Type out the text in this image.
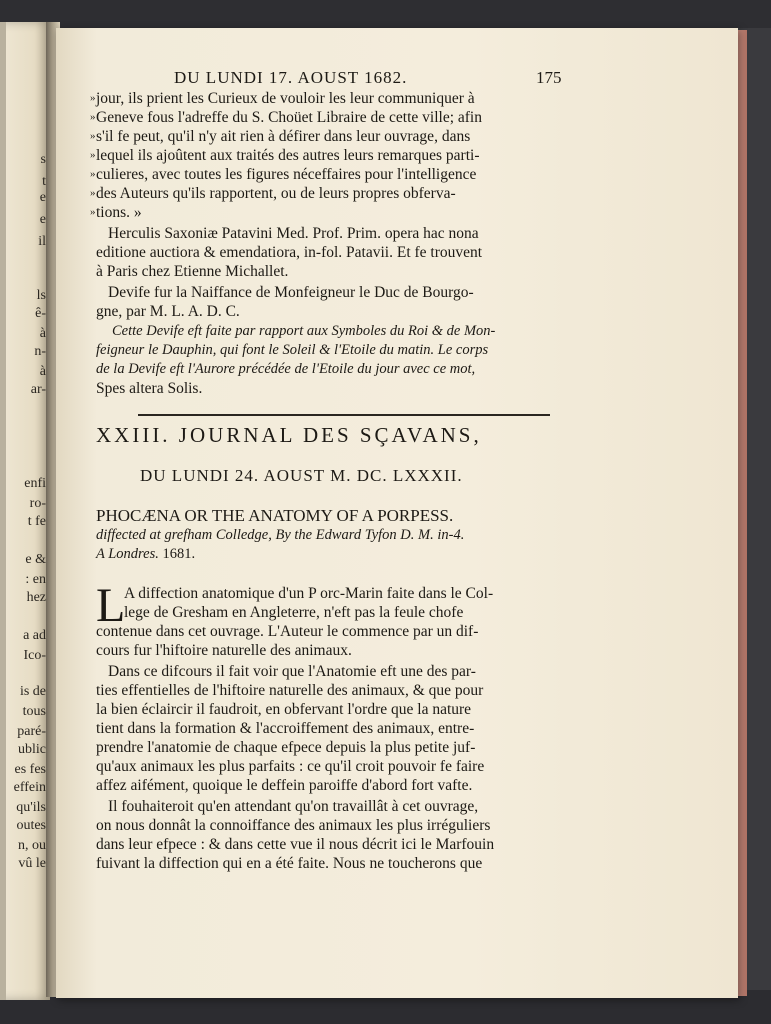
s
t
e
e
il
ls
ê-
à
n-
à
ar-
enfi
ro-
t fe
e &
: en
hez
a ad
Ico-
is de
tous
paré-
ublic
es fes
effein
qu'ils
outes
n, ou
vû le
DU LUNDI 17. AOUST 1682.	175
» jour, ils prient les Curieux de vouloir les leur communiquer à
» Geneve fous l'adreffe du S. Choüet Libraire de cette ville; afin
» s'il fe peut, qu'il n'y ait rien à défirer dans leur ouvrage, dans
» lequel ils ajoûtent aux traités des autres leurs remarques parti-
» culieres, avec toutes les figures néceffaires pour l'intelligence
» des Auteurs qu'ils rapportent, ou de leurs propres obferva-
» tions. »
Herculis Saxoniæ Patavini Med. Prof. Prim. opera hac nona
editione auctiora & emendatiora, in-fol. Patavii. Et fe trouvent
à Paris chez Etienne Michallet.
Devife fur la Naiffance de Monfeigneur le Duc de Bourgo-
gne, par M. L. A. D. C.
Cette Devife eft faite par rapport aux Symboles du Roi & de Mon-
feigneur le Dauphin, qui font le Soleil & l'Etoile du matin. Le corps
de la Devife eft l'Aurore précédée de l'Etoile du jour avec ce mot,
Spes altera Solis.
XXIII. JOURNAL DES SÇAVANS,
DU LUNDI 24. AOUST M. DC. LXXXII.
PHOCÆNA OR THE ANATOMY OF A PORPESS.
diffected at grefham Colledge, By the Edward Tyfon D. M. in-4.
A Londres. 1681.
L
A diffection anatomique d'un P orc-Marin faite dans le Col-
lege de Gresham en Angleterre, n'eft pas la feule chofe
contenue dans cet ouvrage. L'Auteur le commence par un dif-
cours fur l'hiftoire naturelle des animaux.
Dans ce difcours il fait voir que l'Anatomie eft une des par-
ties effentielles de l'hiftoire naturelle des animaux, & que pour
la bien éclaircir il faudroit, en obfervant l'ordre que la nature
tient dans la formation & l'accroiffement des animaux, entre-
prendre l'anatomie de chaque efpece depuis la plus petite juf-
qu'aux animaux les plus parfaits : ce qu'il croit pouvoir fe faire
affez aifément, quoique le deffein paroiffe d'abord fort vafte.
Il fouhaiteroit qu'en attendant qu'on travaillât à cet ouvrage,
on nous donnât la connoiffance des animaux les plus irréguliers
dans leur efpece : & dans cette vue il nous décrit ici le Marfouin
fuivant la diffection qui en a été faite. Nous ne toucherons que
